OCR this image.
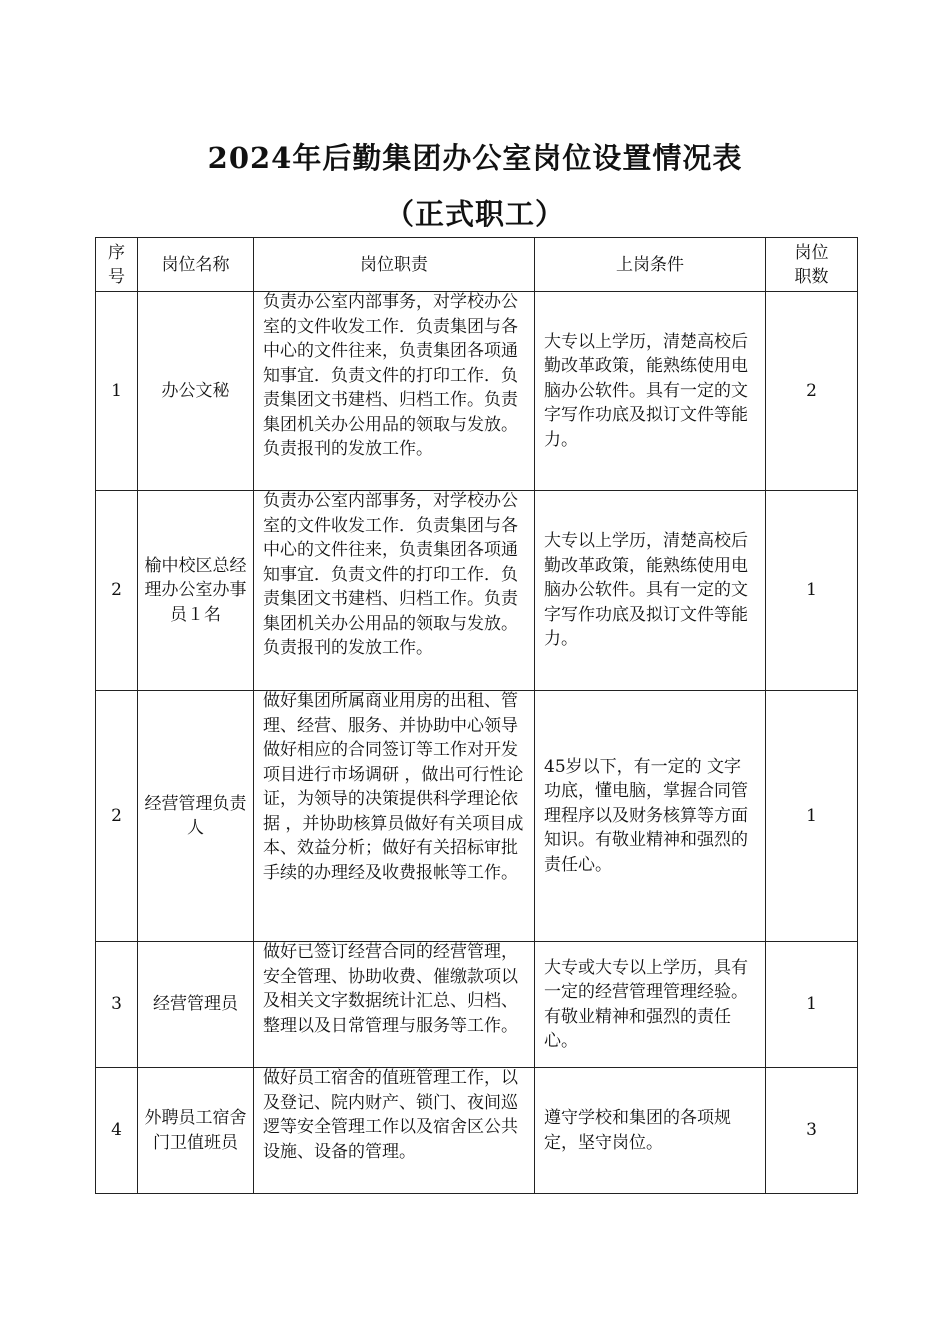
2024年后勤集团办公室岗位设置情况表
（正式职工）
序号	岗位名称	岗位职责	上岗条件	岗位职数
1	办公文秘	负责办公室内部事务，对学校办公室的文件收发工作．负责集团与各中心的文件往来，负责集团各项通知事宜．负责文件的打印工作．负责集团文书建档、归档工作。负责集团机关办公用品的领取与发放。负责报刊的发放工作。	大专以上学历，清楚高校后勤改革政策，能熟练使用电脑办公软件。具有一定的文字写作功底及拟订文件等能力。	2
2	榆中校区总经理办公室办事员１名	负责办公室内部事务，对学校办公室的文件收发工作．负责集团与各中心的文件往来，负责集团各项通知事宜．负责文件的打印工作．负责集团文书建档、归档工作。负责集团机关办公用品的领取与发放。负责报刊的发放工作。	大专以上学历，清楚高校后勤改革政策，能熟练使用电脑办公软件。具有一定的文字写作功底及拟订文件等能力。	1
2	经营管理负责人	做好集团所属商业用房的出租、管理、经营、服务、并协助中心领导做好相应的合同签订等工作对开发项目进行市场调研 ，做出可行性论证，为领导的决策提供科学理论依据 ，并协助核算员做好有关项目成本、效益分析；做好有关招标审批手续的办理经及收费报帐等工作。	45岁以下，有一定的 文字功底，懂电脑，掌握合同管理程序以及财务核算等方面知识。有敬业精神和强烈的责任心。	1
3	经营管理员	做好已签订经营合同的经营管理，安全管理、协助收费、催缴款项以及相关文字数据统计汇总、归档、整理以及日常管理与服务等工作。	大专或大专以上学历，具有一定的经营管理管理经验。有敬业精神和强烈的责任心。	1
4	外聘员工宿舍门卫值班员	做好员工宿舍的值班管理工作，以及登记、院内财产、锁门、夜间巡逻等安全管理工作以及宿舍区公共设施、设备的管理。	遵守学校和集团的各项规定，坚守岗位。	3
